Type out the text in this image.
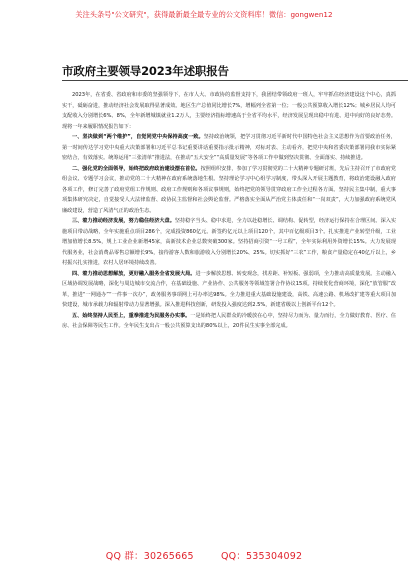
关注头条号"公文研究"，获得最新最全最专业的公文资料库！微信：gongwen12
市政府主要领导2023年述职报告

2023年，在省委、省政府和市委的坚强领导下，在市人大、市政协的监督支持下，我团结带领政府一班人，牢牢抓住经济建设这个中心，真抓实干，砥砺奋进，推动经济社会发展取得显著成效。地区生产总值同比增长7%，增幅列全省第一位；一般公共预算收入增长12%；城乡居民人均可支配收入分别增长6%、8%，全年新增城镇就业1.2万人，主要经济指标增速高于全省平均水平，经济发展呈现出稳中有进、进中向好的良好态势。现将一年来履职情况报告如下：

一、坚决做到“两个维护”，自觉同党中央保持高度一致。坚持政治统领，把学习贯彻习近平新时代中国特色社会主义思想作为首要政治任务，第一时间传达学习党中央重大决策部署和习近平总书记重要讲话重要指示批示精神，对标对表、主动看齐，把党中央和省委决策部署同我市实际紧密结合，有效落实。统筹运用“三张清单”推进法，在推动“五大安全”“高质量发展”等各项工作中做到坚决贯彻、全面落实、持续推进。

二、强化党的全面领导，始终把政府政治建设摆在首位。按照组织安排，参加了学习贯彻党的二十大精神专题研讨班，先后主持召开了市政府党组会议、专题学习会议，推动党的二十大精神在政府系统落地生根。坚持理论学习中心组学习制度，带头深入开展主题教育，将政治建设融入政府各项工作，修订完善了政府党组工作规则、政府工作规则和各项议事规则，始终把党的领导贯穿政府工作全过程各方面。坚持民主集中制，重大事项集体研究决定，自觉接受人大法律监督、政协民主监督和社会舆论监督。严格落实全面从严治党主体责任和“一岗双责”，大力加强政府系统党风廉政建设，营造了风清气正的政治生态。

三、着力推动经济发展，努力稳住经济大盘。坚持稳字当头、稳中求进，全力以赴稳增长、调结构、促转型，经济运行保持在合理区间。深入实施项目带动战略，全年实施重点项目286个，完成投资860亿元。新签约亿元以上项目120个，其中百亿级项目3个。扎实推进产业转型升级，工业增加值增长8.5%，规上工业企业新增45家，高新技术企业总数突破300家。坚持招商引资“一号工程”，全年实际利用外资增长15%。大力发展现代服务业，社会消费品零售总额增长9%，接待游客人数和旅游收入分别增长20%、25%。切实抓好“三农”工作，粮食产量稳定在40亿斤以上，乡村振兴扎实推进，农村人居环境持续改善。

四、着力推动思想解放，更好融入服务全省发展大局。进一步解放思想、转变观念，找差距、补短板、强弱项，全力推动高质量发展。主动融入区域协调发展战略，深化与周边城市交流合作，在基础设施、产业协作、公共服务等领域签署合作协议15项。持续优化营商环境，深化“放管服”改革，推进“一网通办”“一件事一次办”，政务服务事项网上可办率达98%。全力推进重大基础设施建设，高铁、高速公路、机场改扩建等重大项目加快建设，城市承载力和辐射带动力显著增强。深入推进科技创新，研发投入强度达到2.5%，新建省级以上创新平台12个。

五、始终坚持人民至上，重拳推进为民服务办实事。一是始终把人民群众的冷暖放在心中，坚持尽力而为、量力而行，全力做好教育、医疗、住房、社会保障等民生工作。全年民生支出占一般公共预算支出的80%以上，20件民生实事全部完成。

QQ 群：30265665	QQ：535304092
